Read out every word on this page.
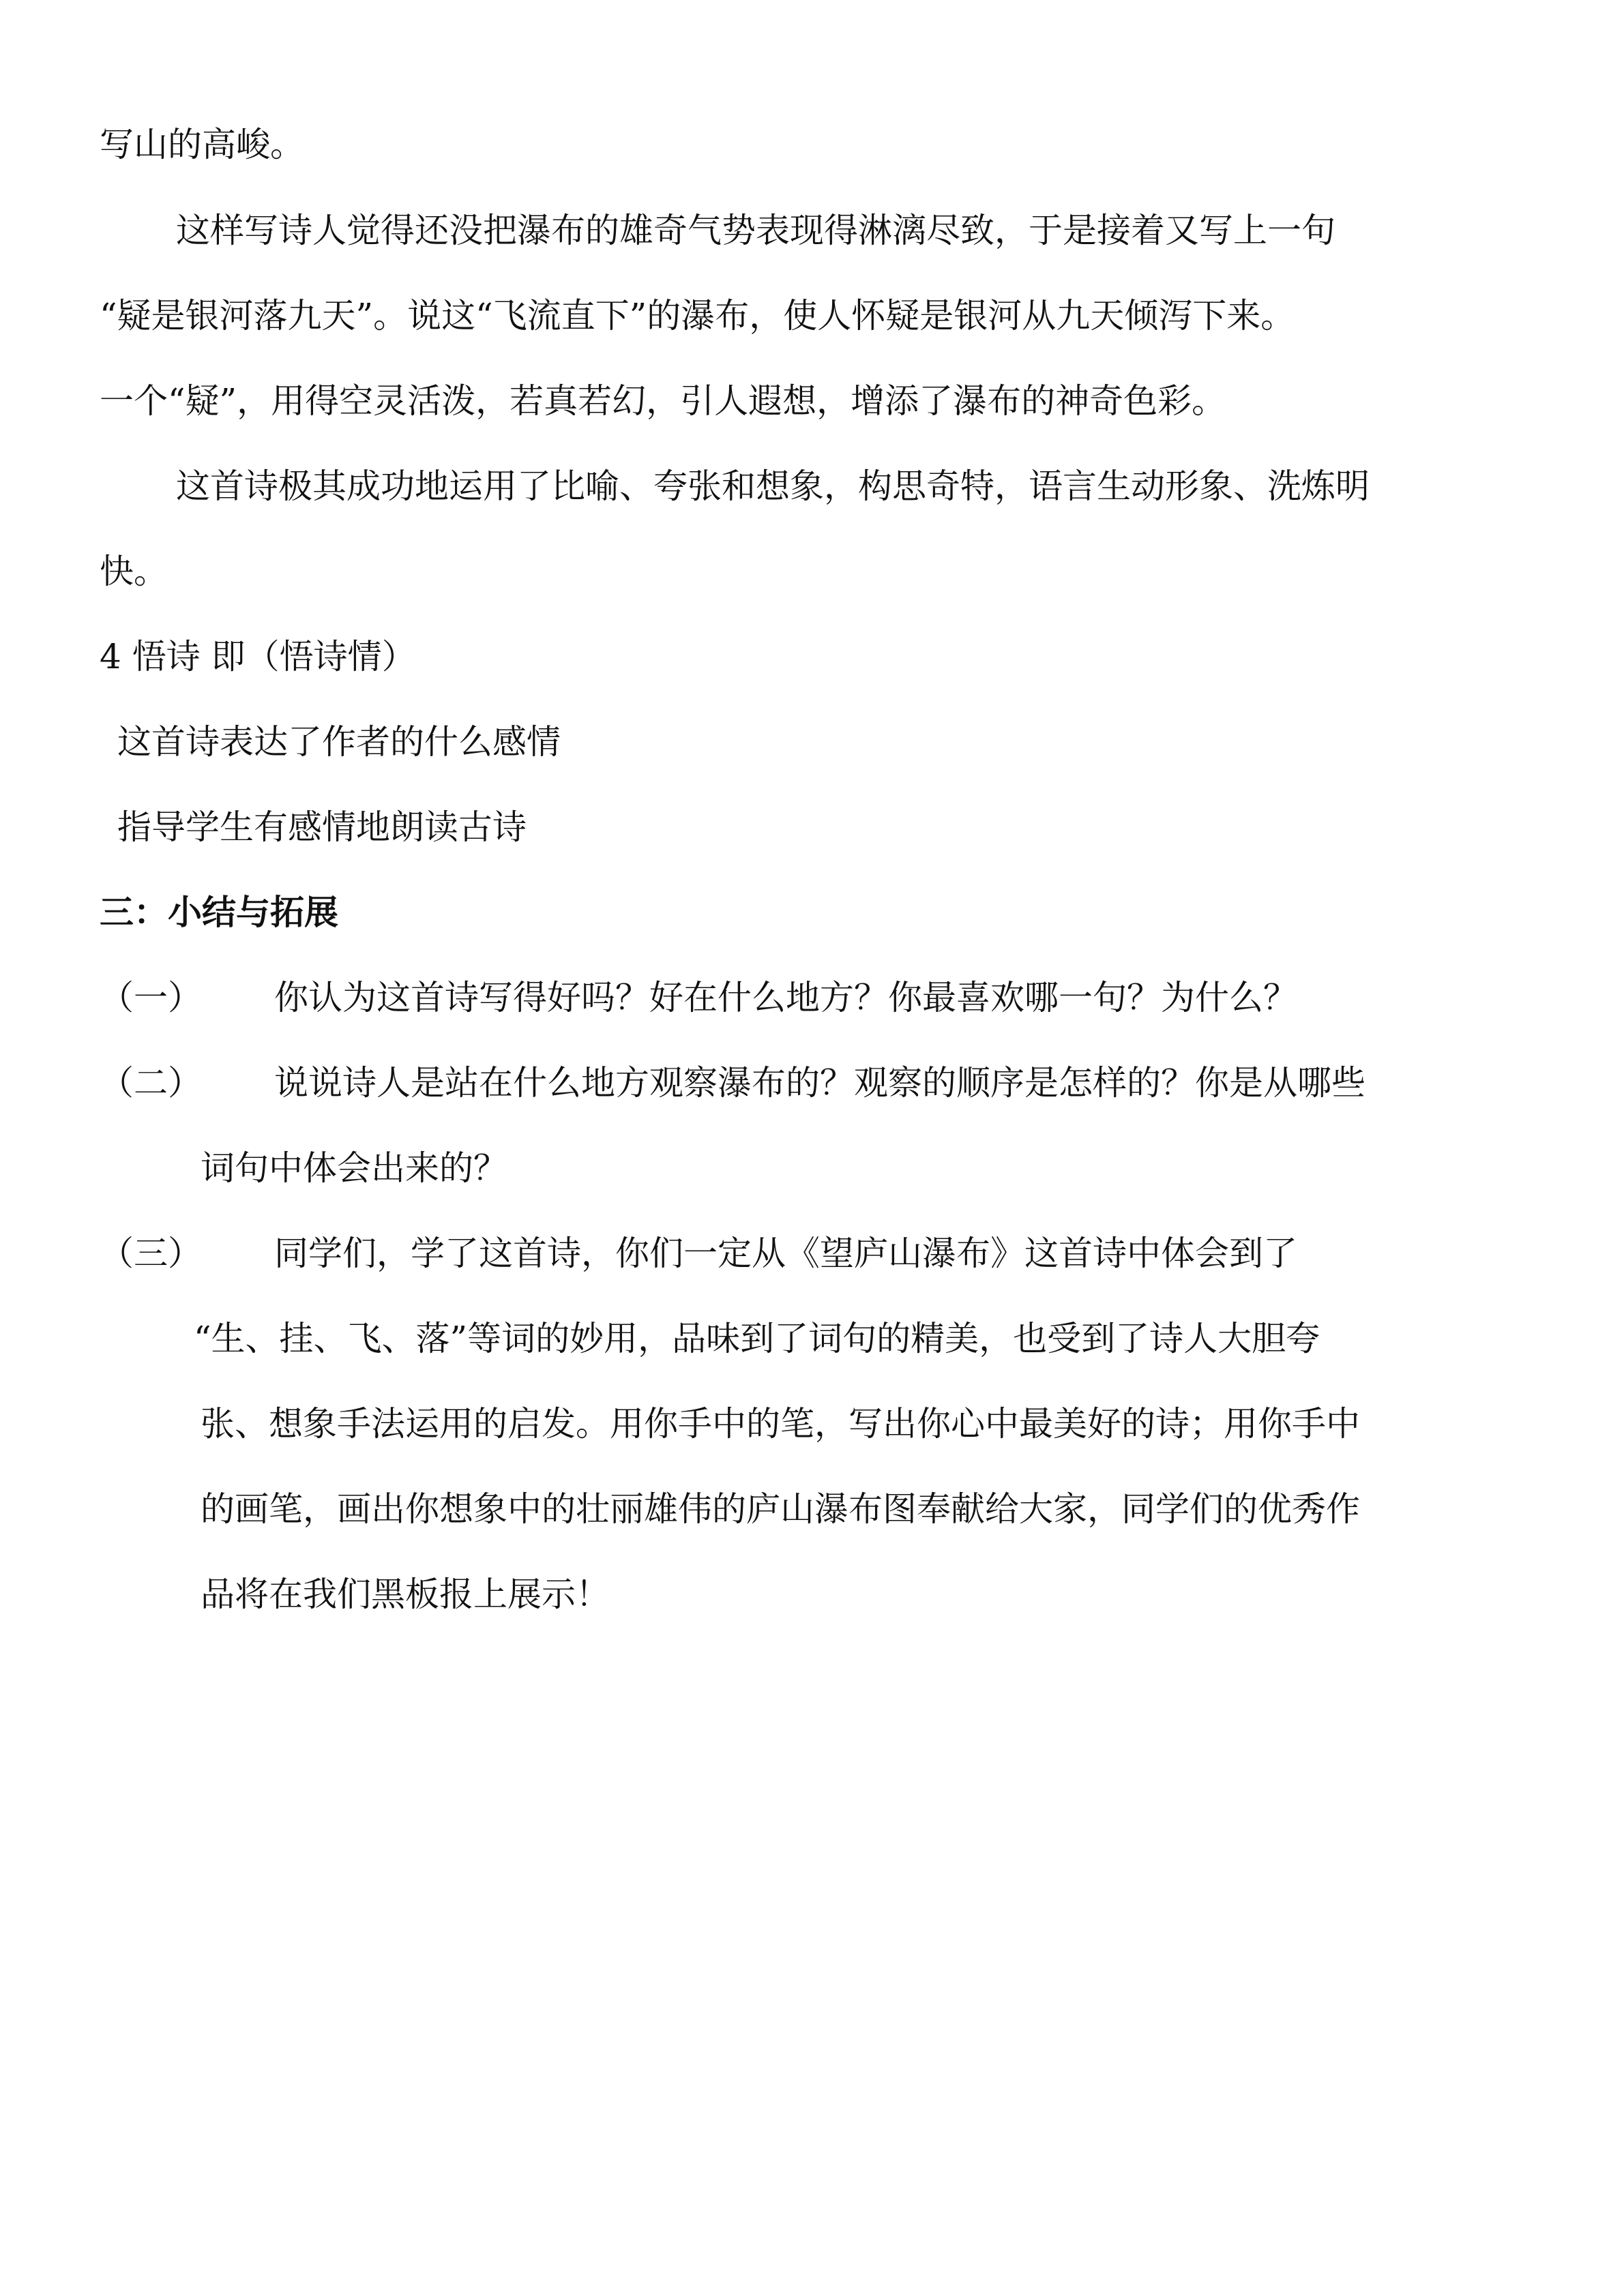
写山的高峻。
这样写诗人觉得还没把瀑布的雄奇气势表现得淋漓尽致，于是接着又写上一句
“疑是银河落九天”。说这“飞流直下”的瀑布，使人怀疑是银河从九天倾泻下来。
一个“疑”，用得空灵活泼，若真若幻，引人遐想，增添了瀑布的神奇色彩。
这首诗极其成功地运用了比喻、夸张和想象，构思奇特，语言生动形象、洗炼明
快。
4 悟诗 即（悟诗情）
这首诗表达了作者的什么感情
指导学生有感情地朗读古诗
三：小结与拓展
（一） 你认为这首诗写得好吗？好在什么地方？你最喜欢哪一句？为什么？
（二） 说说诗人是站在什么地方观察瀑布的？观察的顺序是怎样的？你是从哪些
词句中体会出来的？
（三） 同学们，学了这首诗，你们一定从《望庐山瀑布》这首诗中体会到了
“生、挂、飞、落”等词的妙用，品味到了词句的精美，也受到了诗人大胆夸
张、想象手法运用的启发。用你手中的笔，写出你心中最美好的诗；用你手中
的画笔，画出你想象中的壮丽雄伟的庐山瀑布图奉献给大家，同学们的优秀作
品将在我们黑板报上展示！
